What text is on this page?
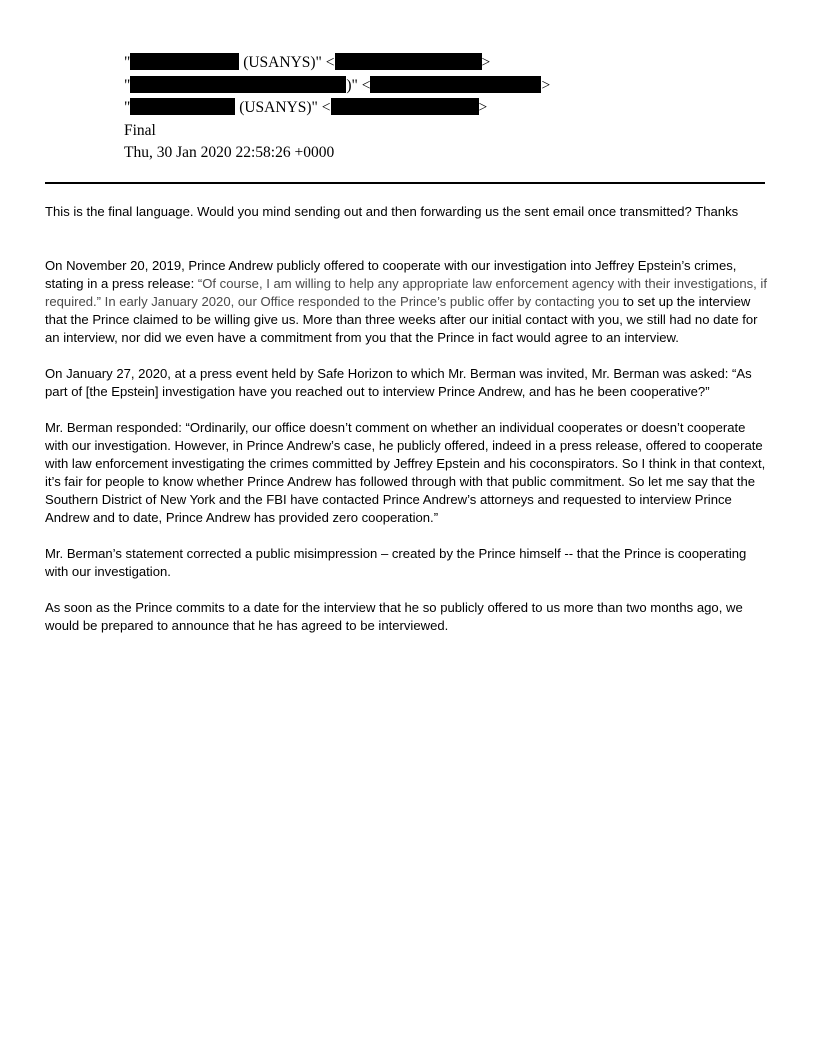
"	(USANYS)" <	>
"	)" <	>
"	(USANYS)" <	>
Final
Thu, 30 Jan 2020 22:58:26 +0000

This is the final language. Would you mind sending out and then forwarding us the sent email once transmitted? Thanks

On November 20, 2019, Prince Andrew publicly offered to cooperate with our investigation into Jeffrey Epstein’s crimes, stating in a press release: “Of course, I am willing to help any appropriate law enforcement agency with their investigations, if required.” In early January 2020, our Office responded to the Prince’s public offer by contacting you to set up the interview that the Prince claimed to be willing give us. More than three weeks after our initial contact with you, we still had no date for an interview, nor did we even have a commitment from you that the Prince in fact would agree to an interview.

On January 27, 2020, at a press event held by Safe Horizon to which Mr. Berman was invited, Mr. Berman was asked: “As part of [the Epstein] investigation have you reached out to interview Prince Andrew, and has he been cooperative?”

Mr. Berman responded: “Ordinarily, our office doesn’t comment on whether an individual cooperates or doesn’t cooperate with our investigation. However, in Prince Andrew’s case, he publicly offered, indeed in a press release, offered to cooperate with law enforcement investigating the crimes committed by Jeffrey Epstein and his coconspirators. So I think in that context, it’s fair for people to know whether Prince Andrew has followed through with that public commitment. So let me say that the Southern District of New York and the FBI have contacted Prince Andrew’s attorneys and requested to interview Prince Andrew and to date, Prince Andrew has provided zero cooperation.”

Mr. Berman’s statement corrected a public misimpression – created by the Prince himself -- that the Prince is cooperating with our investigation.

As soon as the Prince commits to a date for the interview that he so publicly offered to us more than two months ago, we would be prepared to announce that he has agreed to be interviewed.
